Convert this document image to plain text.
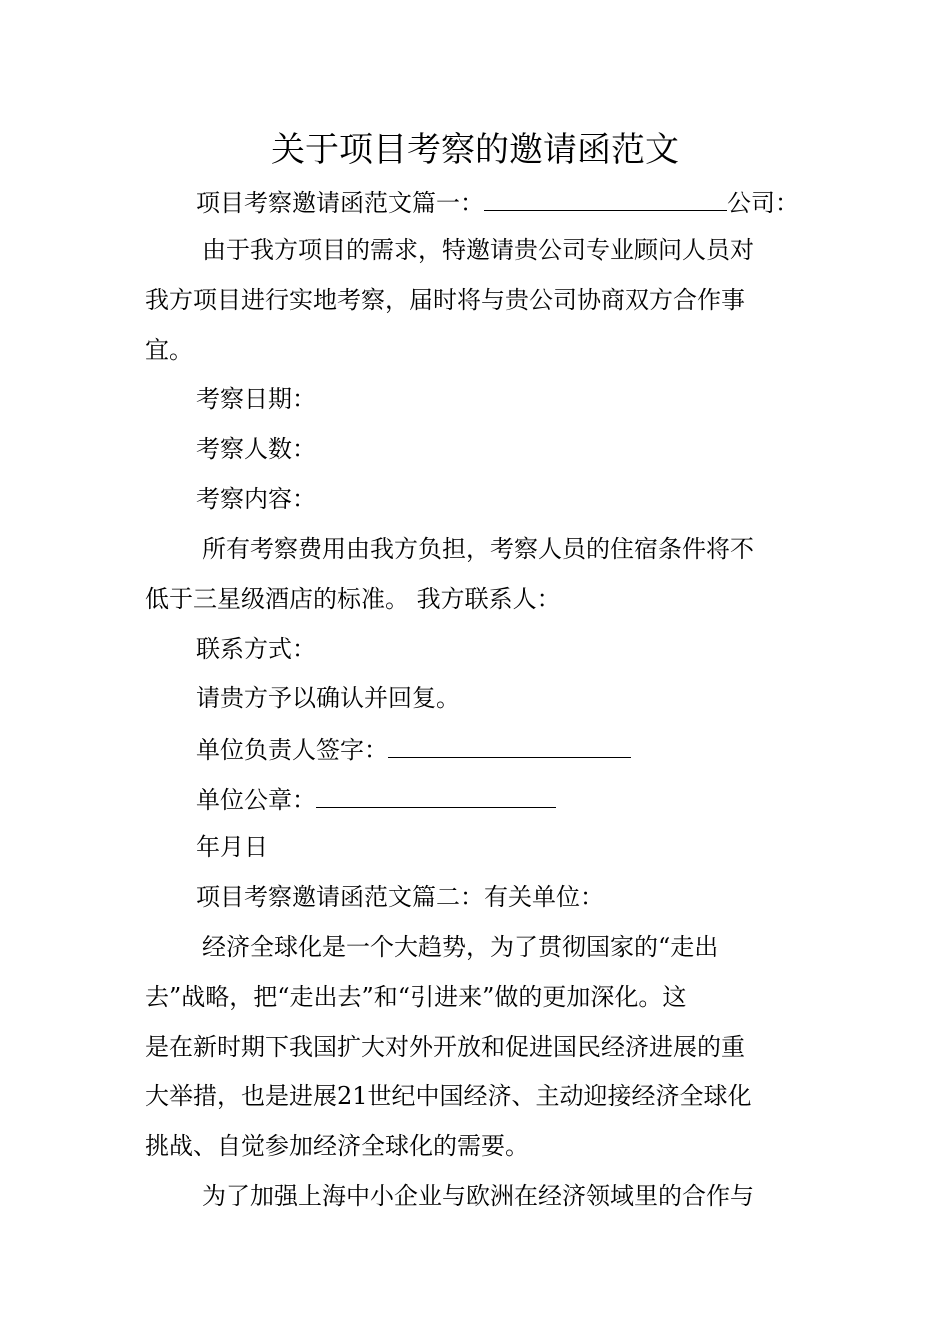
关于项目考察的邀请函范文
项目考察邀请函范文篇一：	公司：
由于我方项目的需求，特邀请贵公司专业顾问人员对
我方项目进行实地考察，届时将与贵公司协商双方合作事
宜。
考察日期：
考察人数：
考察内容：
所有考察费用由我方负担，考察人员的住宿条件将不
低于三星级酒店的标准。 我方联系人：
联系方式：
请贵方予以确认并回复。
单位负责人签字：
单位公章：
年月日
项目考察邀请函范文篇二：有关单位：
经济全球化是一个大趋势，为了贯彻国家的“走出
去”战略，把“走出去”和“引进来”做的更加深化。这
是在新时期下我国扩大对外开放和促进国民经济进展的重
大举措，也是进展21世纪中国经济、主动迎接经济全球化
挑战、自觉参加经济全球化的需要。
为了加强上海中小企业与欧洲在经济领域里的合作与
